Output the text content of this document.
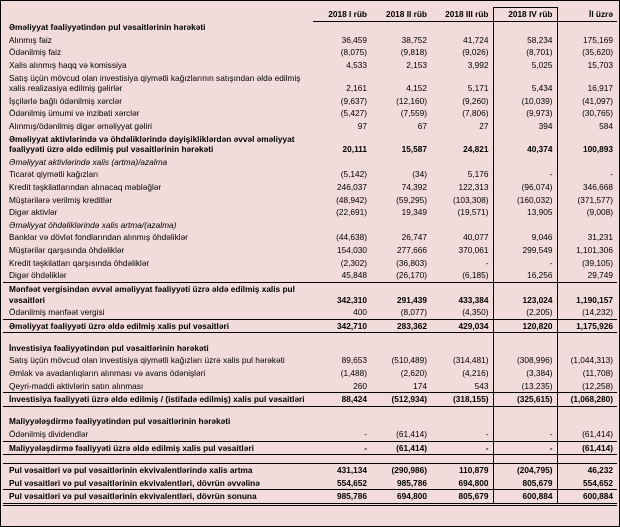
	2018 I rüb	2018 II rüb	2018 III rüb	2018 IV rüb	İl üzrə
Əməliyyat fəaliyyətindən pul vəsaitlərinin hərəkəti					
Alınmış faiz	36,459	38,752	41,724	58,234	175,169
Ödənilmiş faiz	(8,075)	(9,818)	(9,026)	(8,701)	(35,620)
Xalis alınmış haqq və komissiya	4,533	2,153	3,992	5,025	15,703
Satış üçün mövcud olan investisiya qiymətli kağızlarının satışından əldə edilmiş xalis realizasiya edilmiş gəlirlər	2,161	4,152	5,171	5,434	16,917
İşçilərlə bağlı ödənilmiş xərclər	(9,637)	(12,160)	(9,260)	(10,039)	(41,097)
Ödənilmiş ümumi və inzibati xərclər	(5,427)	(7,559)	(7,806)	(9,973)	(30,765)
Alınmış/ödənilmiş digər əməliyyat gəliri	97	67	27	394	584
Əməliyyat aktivlərində və öhdəliklərində dəyişikliklərdən əvvəl əməliyyat fəaliyyəti üzrə əldə edilmiş pul vəsaitlərinin hərəkəti	20,111	15,587	24,821	40,374	100,893
Əməliyyat aktivlərində xalis (artma)/azalma					
Ticarət qiymətli kağızları	(5,142)	(34)	5,176	-	-
Kredit təşkilatlarından alınacaq məbləğlər	246,037	74,392	122,313	(96,074)	346,668
Müştərilərə verilmiş kreditlər	(48,942)	(59,295)	(103,308)	(160,032)	(371,577)
Digər aktivlər	(22,691)	19,349	(19,571)	13,905	(9,008)
Əməliyyat öhdəliklərində xalis artma/(azalma)					
Banklar və dövlət fondlarından alınmış öhdəliklər	(44,638)	26,747	40,077	9,046	31,231
Müştərilər qarşısında öhdəliklər	154,030	277,666	370,061	299,549	1,101,306
Kredit təşkilatları qarşısında öhdəliklər	(2,302)	(36,803)	-	-	(39,105)
Digər öhdəliklər	45,848	(26,170)	(6,185)	16,256	29,749
Mənfəət vergisindən əvvəl əməliyyat fəaliyyəti üzrə əldə edilmiş xalis pul vəsaitləri	342,310	291,439	433,384	123,024	1,190,157
Ödənilmiş mənfəət vergisi	400	(8,077)	(4,350)	(2,205)	(14,232)
Əməliyyat fəaliyyəti üzrə əldə edilmiş xalis pul vəsaitləri	342,710	283,362	429,034	120,820	1,175,926

İnvestisiya fəaliyyətindən pul vəsaitlərinin hərəkəti					
Satış üçün mövcud olan investisiya qiymətli kağızları üzrə xalis pul hərəkəti	89,653	(510,489)	(314,481)	(308,996)	(1,044,313)
Əmlak və avadanlıqların alınması və avans ödənişləri	(1,488)	(2,620)	(4,216)	(3,384)	(11,708)
Qeyri-maddi aktivlərin satın alınması	260	174	543	(13,235)	(12,258)
İnvestisiya fəaliyyəti üzrə əldə edilmiş / (istifadə edilmiş) xalis pul vəsaitləri	88,424	(512,934)	(318,155)	(325,615)	(1,068,280)

Maliyyələşdirmə fəaliyyətindən pul vəsaitlərinin hərəkəti					
Ödənilmiş dividendlər	-	(61,414)	-	-	(61,414)
Maliyyələşdirmə fəaliyyəti üzrə əldə edilmiş xalis pul vəsaitləri	-	(61,414)	-	-	(61,414)

Pul vəsaitləri və pul vəsaitlərinin ekvivalentlərində xalis artma	431,134	(290,986)	110,879	(204,795)	46,232
Pul vəsaitləri və pul vəsaitlərinin ekvivalentləri, dövrün əvvəlinə	554,652	985,786	694,800	805,679	554,652
Pul vəsaitləri və pul vəsaitlərinin ekvivalentləri, dövrün sonuna	985,786	694,800	805,679	600,884	600,884
